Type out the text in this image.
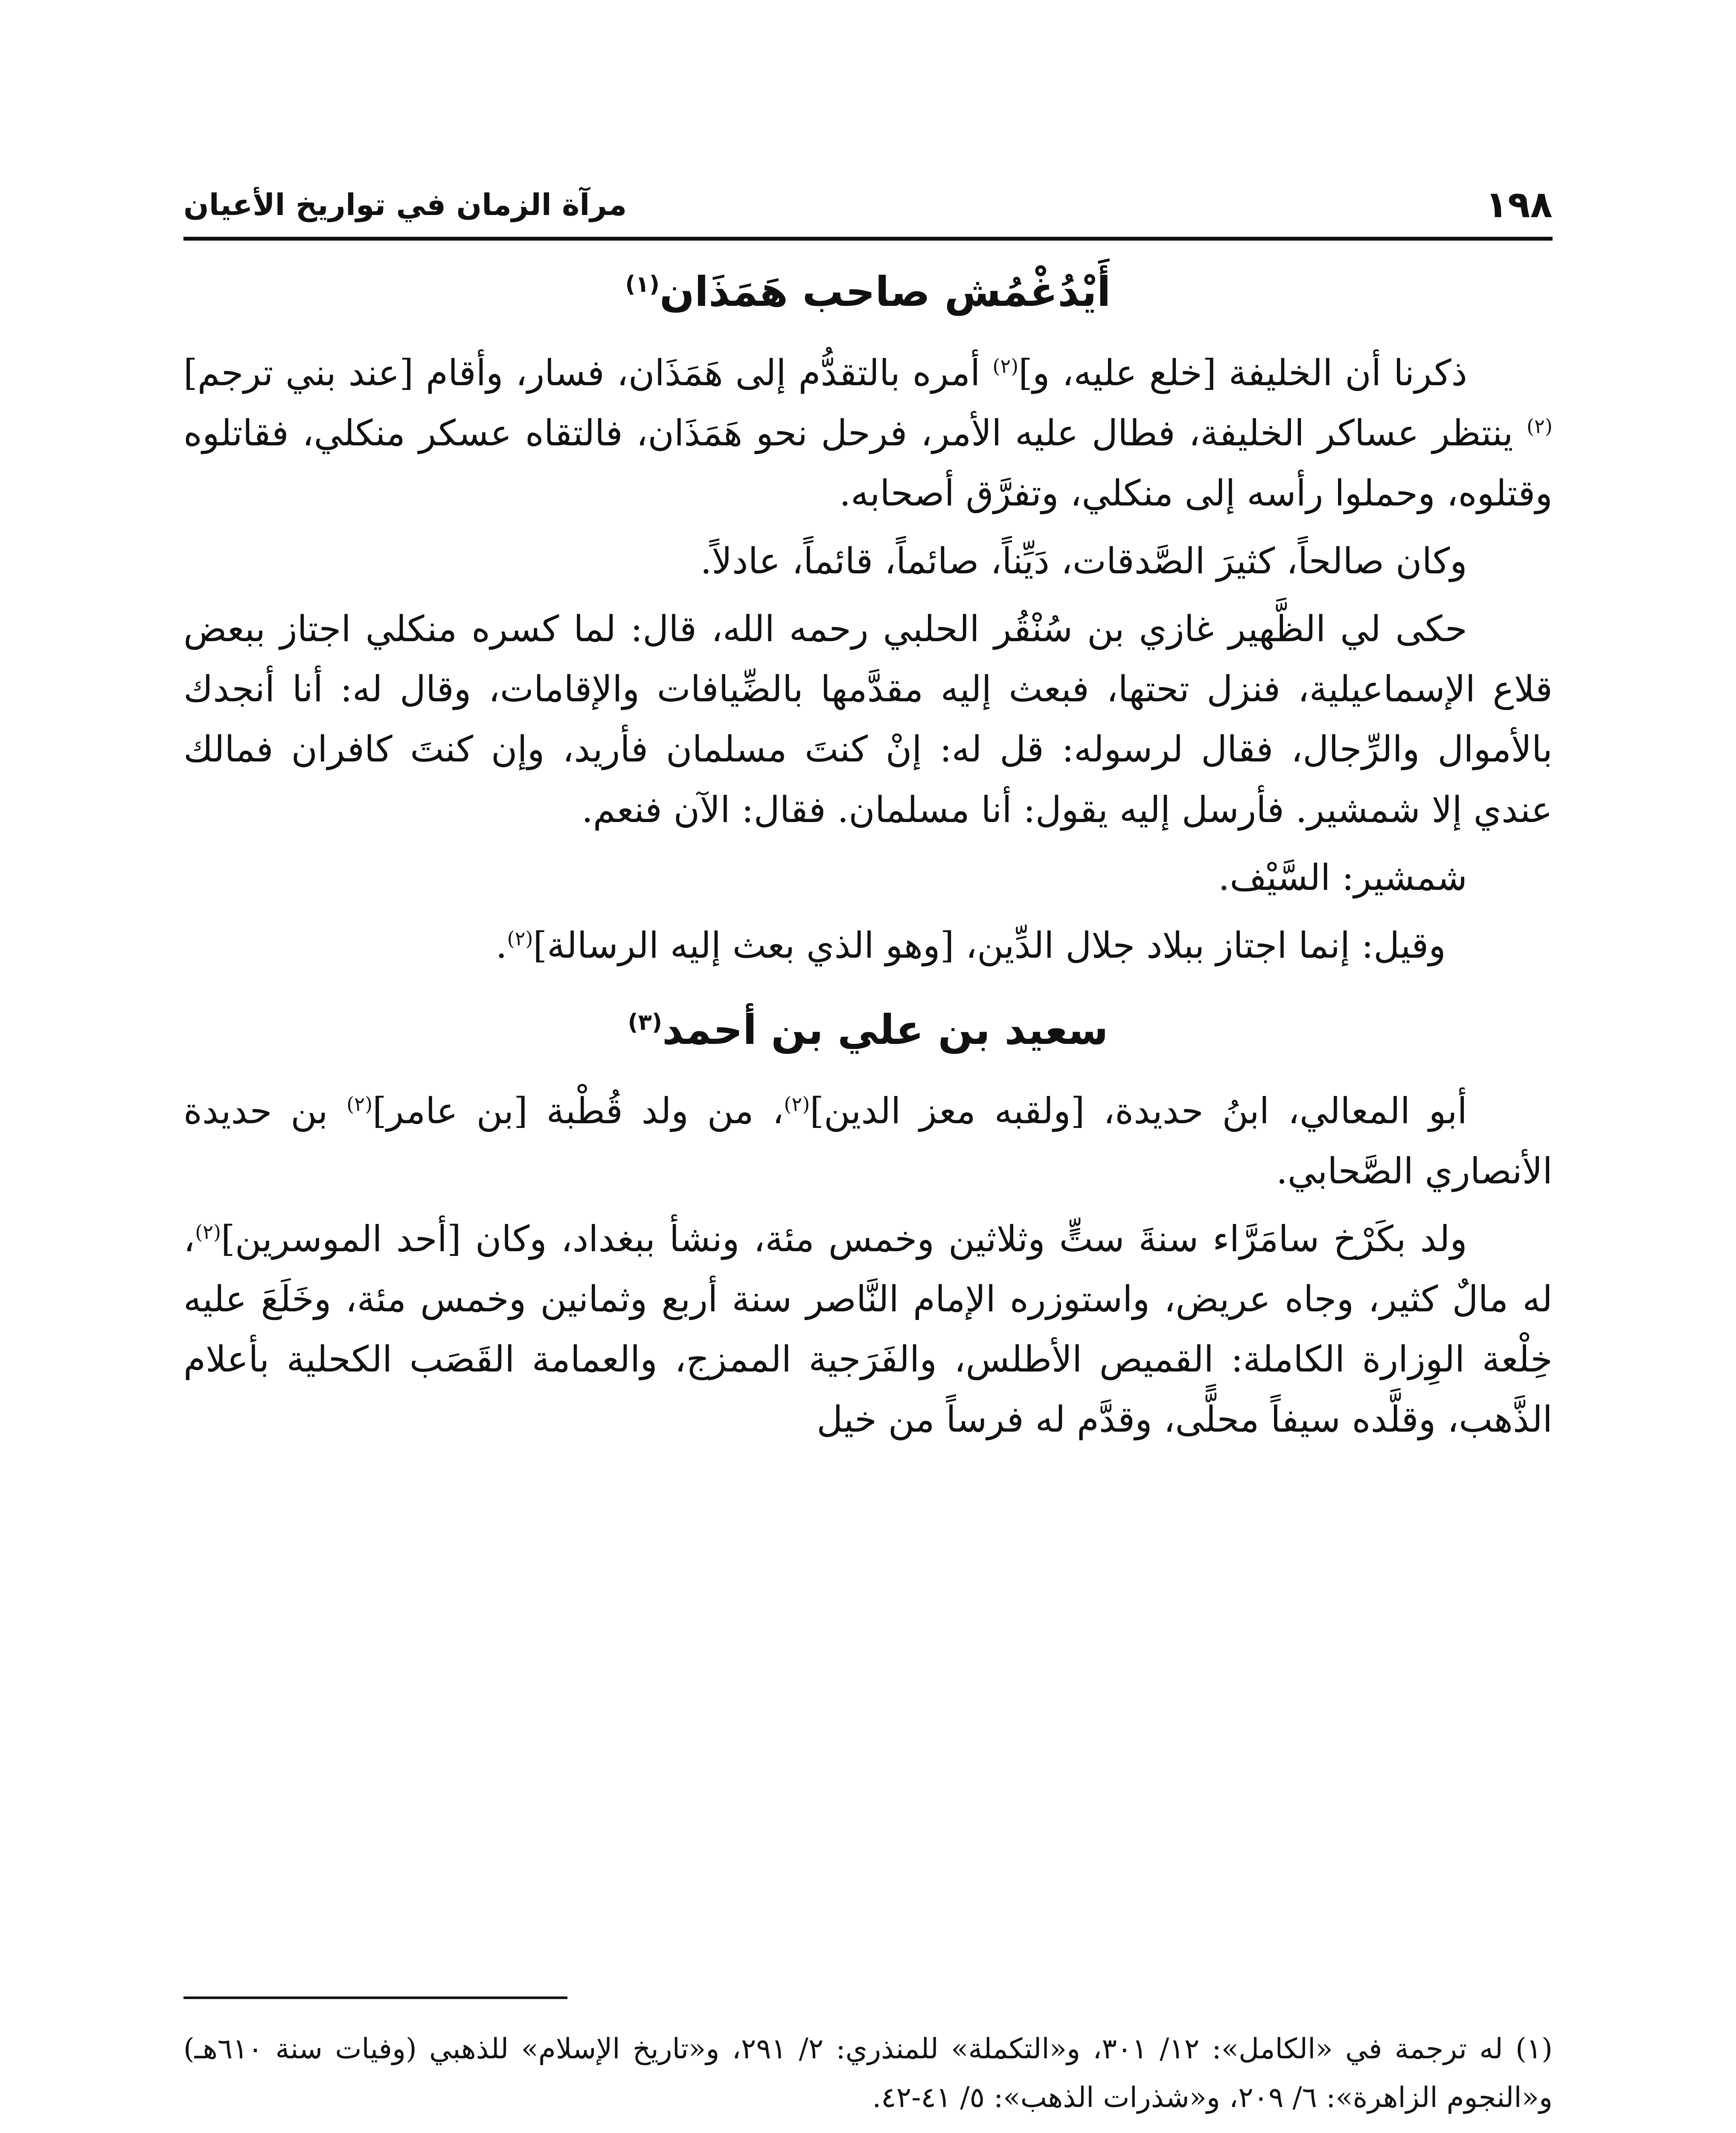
١٩٨
مرآة الزمان في تواريخ الأعيان
أَيْدُغْمُش صاحب هَمَذَان$^{(١)}$

ذكرنا أن الخليفة [خلع عليه، و]$^{(٢)}$ أمره بالتقدُّم إلى هَمَذَان، فسار، وأقام [عند بني ترجم]$^{(٢)}$ ينتظر عساكر الخليفة، فطال عليه الأمر، فرحل نحو هَمَذَان، فالتقاه عسكر منكلي، فقاتلوه وقتلوه، وحملوا رأسه إلى منكلي، وتفرَّق أصحابه.

وكان صالحاً، كثيرَ الصَّدقات، دَيِّناً، صائماً، قائماً، عادلاً.

حكى لي الظَّهير غازي بن سُنْقُر الحلبي رحمه الله، قال: لما كسره منكلي اجتاز ببعض قلاع الإسماعيلية، فنزل تحتها، فبعث إليه مقدَّمها بالضِّيافات والإقامات، وقال له: أنا أنجدك بالأموال والرِّجال، فقال لرسوله: قل له: إنْ كنتَ مسلمان فأريد، وإن كنتَ كافران فمالك عندي إلا شمشير. فأرسل إليه يقول: أنا مسلمان. فقال: الآن فنعم.

شمشير: السَّيْف.

وقيل: إنما اجتاز ببلاد جلال الدِّين، [وهو الذي بعث إليه الرسالة]$^{(٢)}$.

سعيد بن علي بن أحمد$^{(٣)}$

أبو المعالي، ابنُ حديدة، [ولقبه معز الدين]$^{(٢)}$، من ولد قُطْبة [بن عامر]$^{(٢)}$ بن حديدة الأنصاري الصَّحابي.

ولد بكَرْخ سامَرَّاء سنةَ ستٍّ وثلاثين وخمس مئة، ونشأ ببغداد، وكان [أحد الموسرين]$^{(٢)}$، له مالٌ كثير، وجاه عريض، واستوزره الإمام النَّاصر سنة أربع وثمانين وخمس مئة، وخَلَعَ عليه خِلْعة الوِزارة الكاملة: القميص الأطلس، والفَرَجية الممزج، والعمامة القَصَب الكحلية بأعلام الذَّهب، وقلَّده سيفاً محلًّى، وقدَّم له فرساً من خيل

(١) له ترجمة في «الكامل»: ١٢/ ٣٠١، و«التكملة» للمنذري: ٢/ ٢٩١، و«تاريخ الإسلام» للذهبي (وفيات سنة ٦١٠هـ) و«النجوم الزاهرة»: ٦/ ٢٠٩، و«شذرات الذهب»: ٥/ ٤١-٤٢.
